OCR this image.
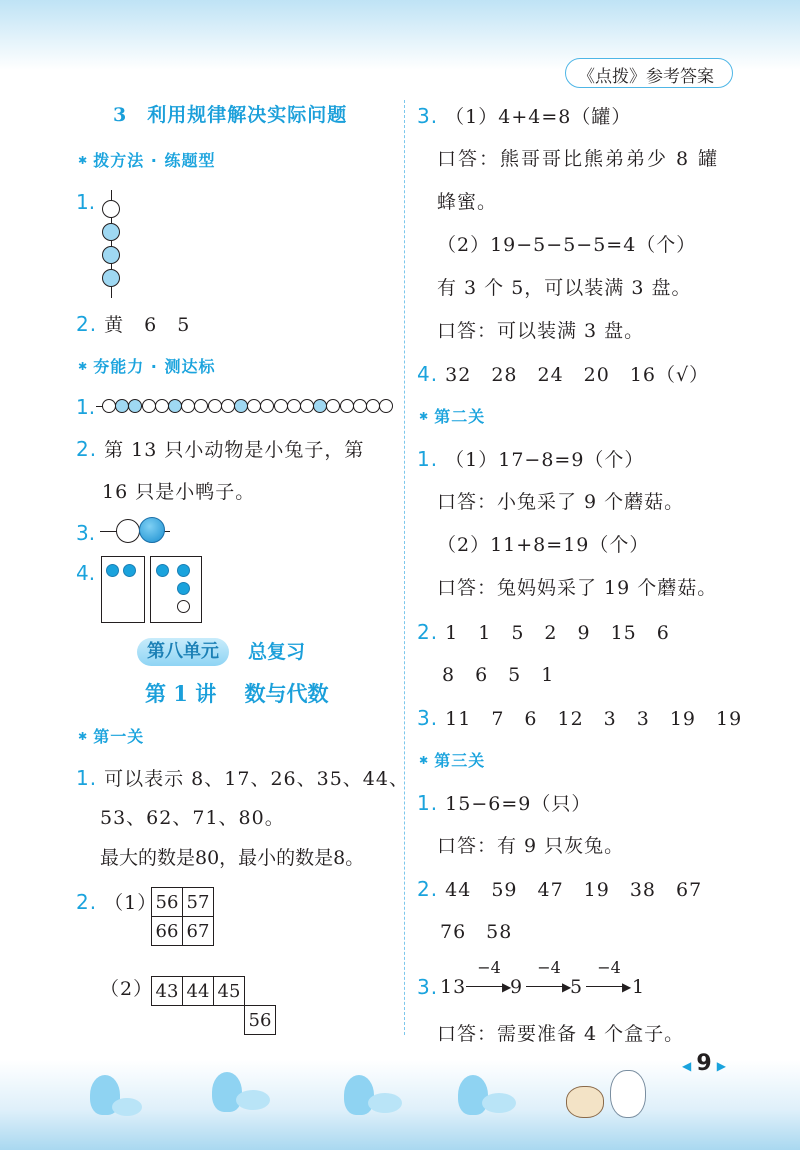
《点拨》参考答案
3　利用规律解决实际问题
✱ 拨方法 · 练题型
1.
2. 黄　6　5
✱ 夯能力 · 测达标
1.
2. 第 13 只小动物是小兔子，第
16 只是小鸭子。
3.
4.
第八单元	总复习
第 1 讲　 数与代数
✱ 第一关
1. 可以表示 8、17、26、35、44、
53、62、71、80。
最大的数是80，最小的数是8。
2. （1）
56	57
66	67
（2） 43	44	45	
			56
3. （1）4+4=8（罐）
口答：熊哥哥比熊弟弟少 8 罐
蜂蜜。
（2）19−5−5−5=4（个）
有 3 个 5，可以装满 3 盘。
口答：可以装满 3 盘。
4. 32　28　24　20　16（√）
✱ 第二关
1. （1）17−8=9（个）
口答：小兔采了 9 个蘑菇。
（2）11+8=19（个）
口答：兔妈妈采了 19 个蘑菇。
2. 1　1　5　2　9　15　6
8　6　5　1
3. 11　7　6　12　3　3　19　19
✱ 第三关
1. 15−6=9（只）
口答：有 9 只灰兔。
2. 44　59　47　19　38　67
76　58
3. 13
−4
▶
9
−4
▶
5
−4
▶ 1
口答：需要准备 4 个盒子。
◀ 9 ▶
